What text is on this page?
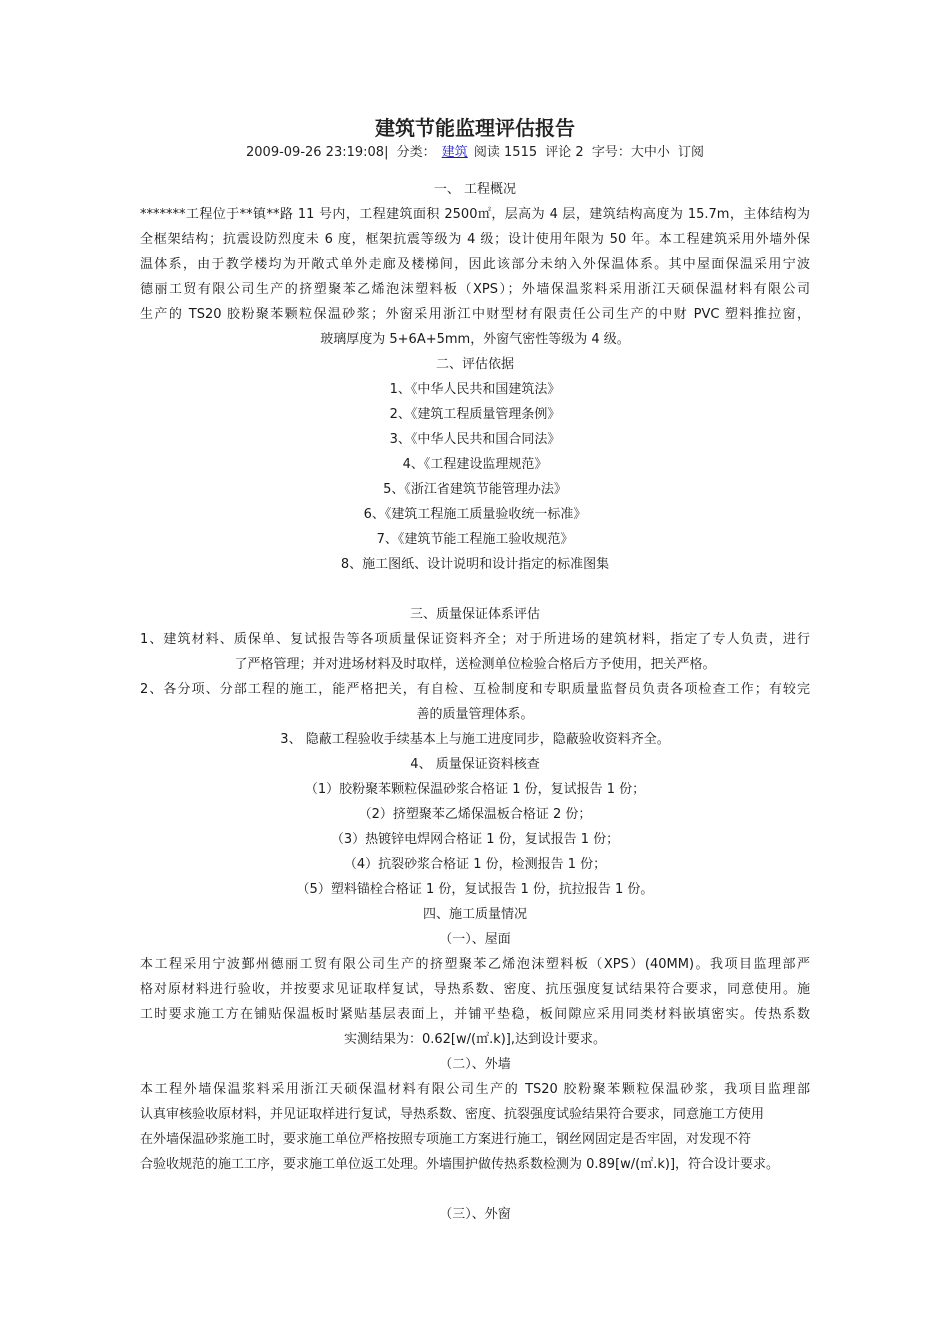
建筑节能监理评估报告
2009-09-26 23:19:08| 分类： 建筑 阅读 1515 评论 2 字号：大中小 订阅
一、 工程概况
*******工程位于**镇**路 11 号内，工程建筑面积 2500㎡，层高为 4 层，建筑结构高度为 15.7m，主体结构为
全框架结构；抗震设防烈度未 6 度，框架抗震等级为 4 级；设计使用年限为 50 年。本工程建筑采用外墙外保
温体系，由于教学楼均为开敞式单外走廊及楼梯间，因此该部分未纳入外保温体系。其中屋面保温采用宁波
德丽工贸有限公司生产的挤塑聚苯乙烯泡沫塑料板（XPS）；外墙保温浆料采用浙江天硕保温材料有限公司
生产的 TS20 胶粉聚苯颗粒保温砂浆；外窗采用浙江中财型材有限责任公司生产的中财 PVC 塑料推拉窗，
玻璃厚度为 5+6A+5mm，外窗气密性等级为 4 级。
二、评估依据
1、《中华人民共和国建筑法》
2、《建筑工程质量管理条例》
3、《中华人民共和国合同法》
4、《工程建设监理规范》
5、《浙江省建筑节能管理办法》
6、《建筑工程施工质量验收统一标准》
7、《建筑节能工程施工验收规范》
8、施工图纸、设计说明和设计指定的标准图集
三、质量保证体系评估
1、建筑材料、质保单、复试报告等各项质量保证资料齐全；对于所进场的建筑材料，指定了专人负责，进行
了严格管理；并对进场材料及时取样，送检测单位检验合格后方予使用，把关严格。
2、各分项、分部工程的施工，能严格把关，有自检、互检制度和专职质量监督员负责各项检查工作；有较完
善的质量管理体系。
3、 隐蔽工程验收手续基本上与施工进度同步，隐蔽验收资料齐全。
4、 质量保证资料核查
（1）胶粉聚苯颗粒保温砂浆合格证 1 份，复试报告 1 份；
（2）挤塑聚苯乙烯保温板合格证 2 份；
（3）热镀锌电焊网合格证 1 份，复试报告 1 份；
（4）抗裂砂浆合格证 1 份，检测报告 1 份；
（5）塑料锚栓合格证 1 份，复试报告 1 份，抗拉报告 1 份。
四、施工质量情况
（一）、屋面
本工程采用宁波鄞州德丽工贸有限公司生产的挤塑聚苯乙烯泡沫塑料板（XPS）(40MM)。我项目监理部严
格对原材料进行验收，并按要求见证取样复试，导热系数、密度、抗压强度复试结果符合要求，同意使用。施
工时要求施工方在铺贴保温板时紧贴基层表面上，并铺平垫稳，板间隙应采用同类材料嵌填密实。传热系数
实测结果为：0.62[w/(㎡.k)],达到设计要求。
（二）、外墙
本工程外墙保温浆料采用浙江天硕保温材料有限公司生产的 TS20 胶粉聚苯颗粒保温砂浆，我项目监理部
认真审核验收原材料，并见证取样进行复试，导热系数、密度、抗裂强度试验结果符合要求，同意施工方使用
在外墙保温砂浆施工时，要求施工单位严格按照专项施工方案进行施工，钢丝网固定是否牢固，对发现不符
合验收规范的施工工序，要求施工单位返工处理。外墙围护做传热系数检测为 0.89[w/(㎡.k)]，符合设计要求。
（三）、外窗
